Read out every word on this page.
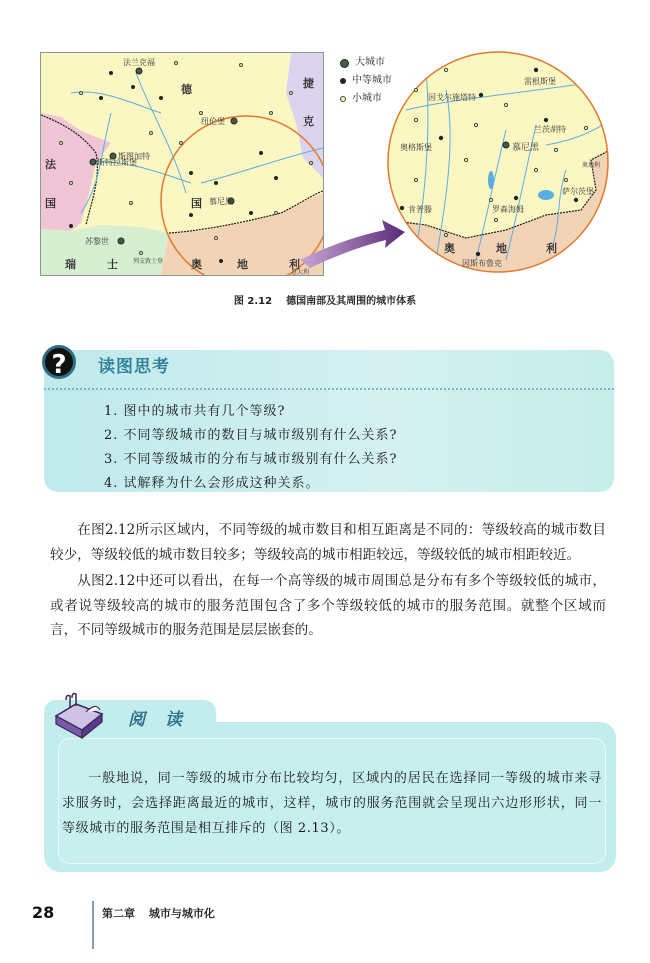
德
国
法
国
捷
克
瑞	士	奥	地	利
法兰克福
纽伦堡
斯图加特
斯特拉斯堡
慕尼黑
苏黎世
列支敦士登
意大利
大城市
中等城市
小城市
雷根斯堡
因戈尔施塔特
兰茨胡特
奥格斯堡	慕尼黑
罗森海姆
萨尔茨堡
肯普滕
因斯布鲁克
奥	地	利
奥地利
图 2.12 德国南部及其周围的城市体系
?	读图思考
1. 图中的城市共有几个等级?
2. 不同等级城市的数目与城市级别有什么关系?
3. 不同等级城市的分布与城市级别有什么关系?
4. 试解释为什么会形成这种关系。
在图2.12所示区域内，不同等级的城市数目和相互距离是不同的：等级较高的城市数目较少，等级较低的城市数目较多；等级较高的城市相距较远，等级较低的城市相距较近。
从图2.12中还可以看出，在每一个高等级的城市周围总是分布有多个等级较低的城市，或者说等级较高的城市的服务范围包含了多个等级较低的城市的服务范围。就整个区域而言，不同等级城市的服务范围是层层嵌套的。
阅读
一般地说，同一等级的城市分布比较均匀，区域内的居民在选择同一等级的城市来寻求服务时，会选择距离最近的城市，这样，城市的服务范围就会呈现出六边形形状，同一等级城市的服务范围是相互排斥的（图 2.13）。
28	第二章 城市与城市化
